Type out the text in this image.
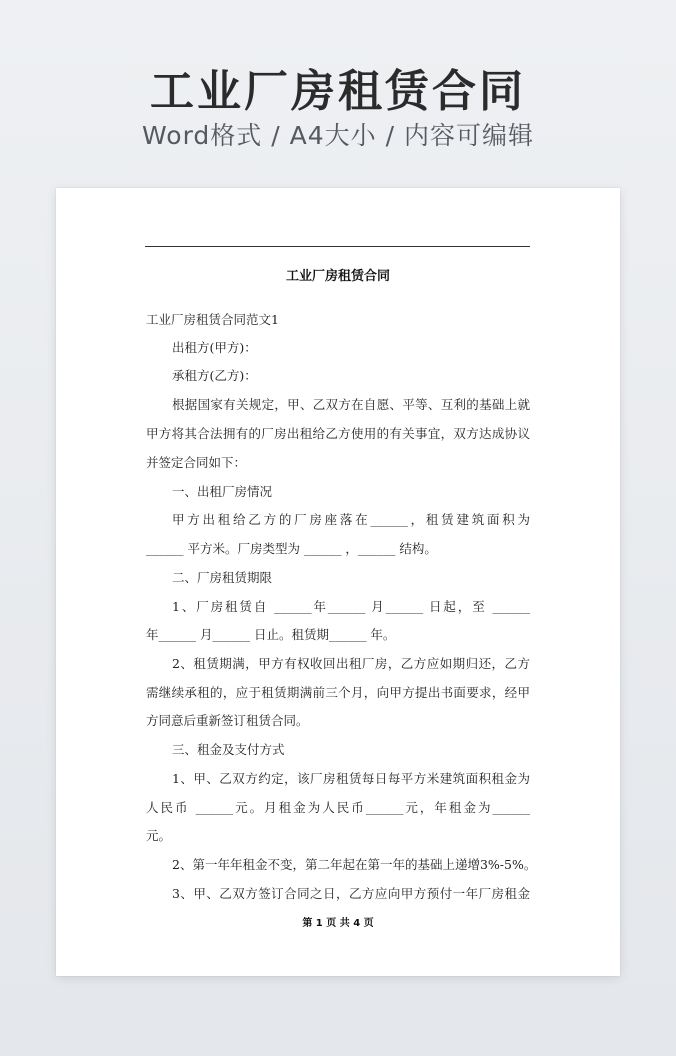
工业厂房租赁合同
Word格式 / A4大小 / 内容可编辑
工业厂房租赁合同
工业厂房租赁合同范文1
出租方(甲方)：
承租方(乙方)：
根据国家有关规定，甲、乙双方在自愿、平等、互利的基础上就
甲方将其合法拥有的厂房出租给乙方使用的有关事宜，双方达成协议
并签定合同如下：
一、出租厂房情况
甲方出租给乙方的厂房座落在______，租赁建筑面积为
______ 平方米。厂房类型为 ______ ，______ 结构。
二、厂房租赁期限
1、厂房租赁自 ______年______ 月______ 日起，至 ______
年______ 月______ 日止。租赁期______ 年。
2、租赁期满，甲方有权收回出租厂房，乙方应如期归还，乙方
需继续承租的，应于租赁期满前三个月，向甲方提出书面要求，经甲
方同意后重新签订租赁合同。
三、租金及支付方式
1、甲、乙双方约定，该厂房租赁每日每平方米建筑面积租金为
人民币 ______元。月租金为人民币______元，年租金为______
元。
2、第一年年租金不变，第二年起在第一年的基础上递增3%-5%。
3、甲、乙双方签订合同之日，乙方应向甲方预付一年厂房租金
第 1 页 共 4 页
